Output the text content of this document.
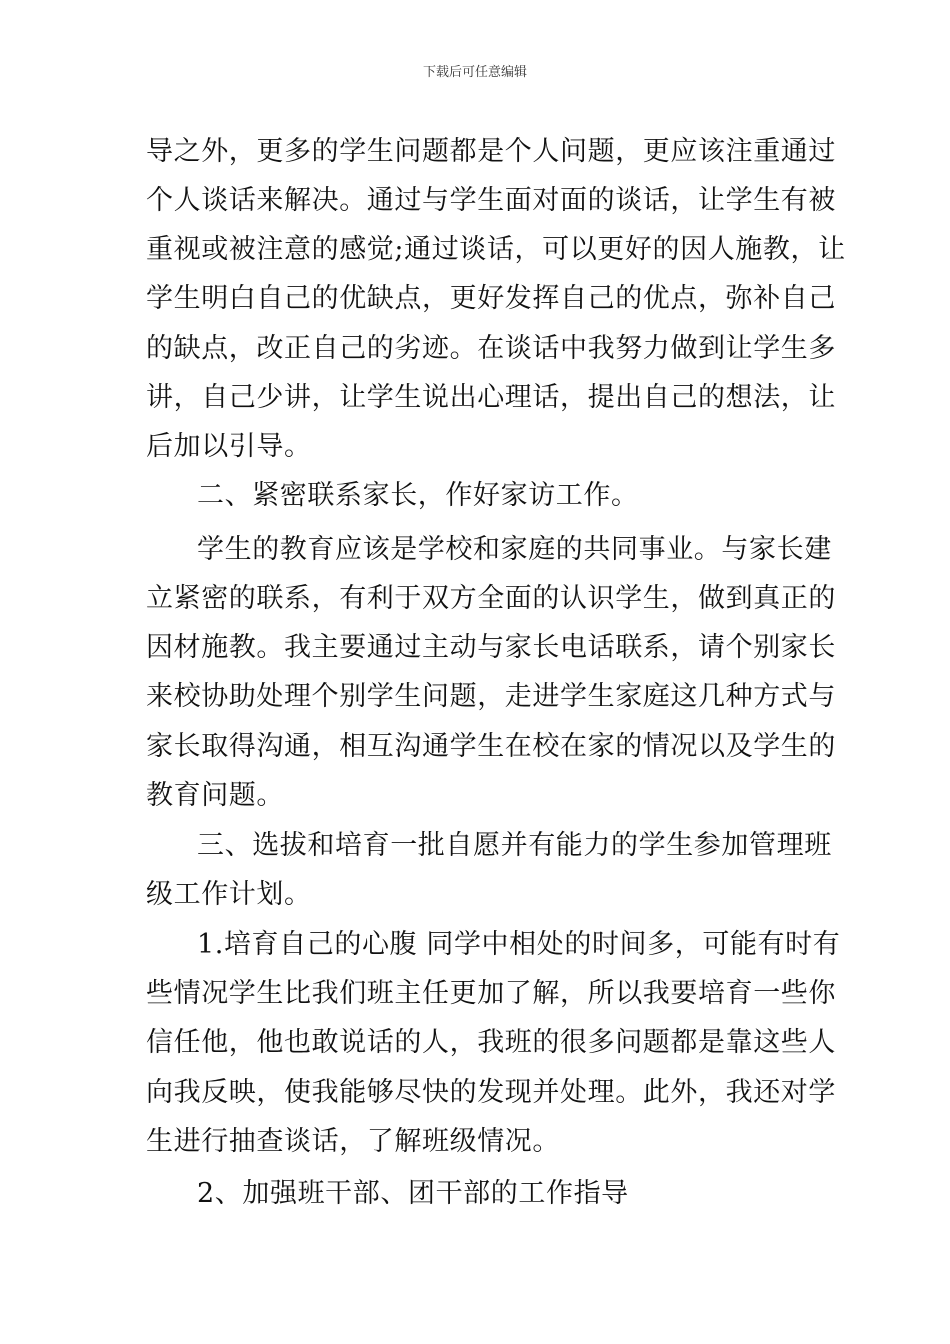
下载后可任意编辑
导之外，更多的学生问题都是个人问题，更应该注重通过
个人谈话来解决。通过与学生面对面的谈话，让学生有被
重视或被注意的感觉;通过谈话，可以更好的因人施教，让
学生明白自己的优缺点，更好发挥自己的优点，弥补自己
的缺点，改正自己的劣迹。在谈话中我努力做到让学生多
讲，自己少讲，让学生说出心理话，提出自己的想法，让
后加以引导。
二、紧密联系家长，作好家访工作。
学生的教育应该是学校和家庭的共同事业。与家长建
立紧密的联系，有利于双方全面的认识学生，做到真正的
因材施教。我主要通过主动与家长电话联系，请个别家长
来校协助处理个别学生问题，走进学生家庭这几种方式与
家长取得沟通，相互沟通学生在校在家的情况以及学生的
教育问题。
三、选拔和培育一批自愿并有能力的学生参加管理班
级工作计划。
1.培育自己的心腹 同学中相处的时间多，可能有时有
些情况学生比我们班主任更加了解，所以我要培育一些你
信任他，他也敢说话的人，我班的很多问题都是靠这些人
向我反映，使我能够尽快的发现并处理。此外，我还对学
生进行抽查谈话，了解班级情况。
2、加强班干部、团干部的工作指导
